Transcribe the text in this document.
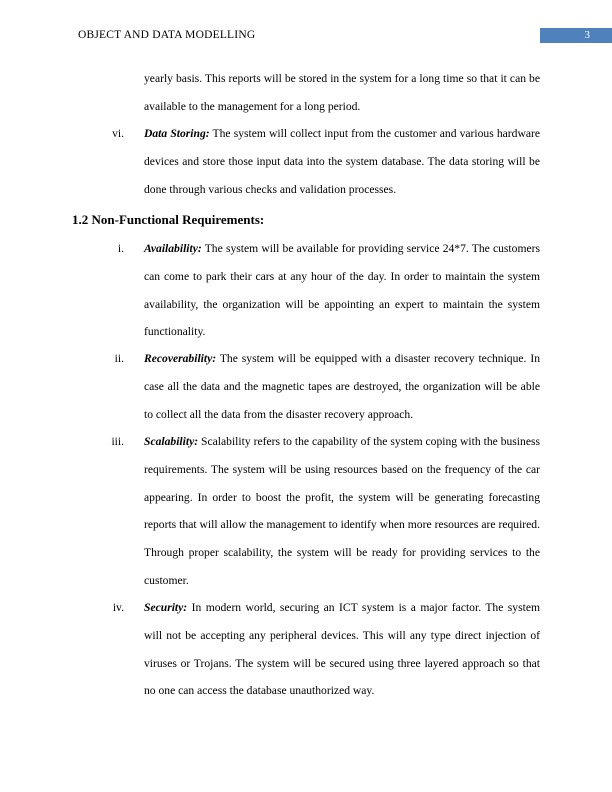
OBJECT AND DATA MODELLING	3
yearly basis. This reports will be stored in the system for a long time so that it can be available to the management for a long period.
vi. Data Storing: The system will collect input from the customer and various hardware devices and store those input data into the system database. The data storing will be done through various checks and validation processes.
1.2 Non-Functional Requirements:
i. Availability: The system will be available for providing service 24*7. The customers can come to park their cars at any hour of the day. In order to maintain the system availability, the organization will be appointing an expert to maintain the system functionality.
ii. Recoverability: The system will be equipped with a disaster recovery technique. In case all the data and the magnetic tapes are destroyed, the organization will be able to collect all the data from the disaster recovery approach.
iii. Scalability: Scalability refers to the capability of the system coping with the business requirements. The system will be using resources based on the frequency of the car appearing. In order to boost the profit, the system will be generating forecasting reports that will allow the management to identify when more resources are required. Through proper scalability, the system will be ready for providing services to the customer.
iv. Security: In modern world, securing an ICT system is a major factor. The system will not be accepting any peripheral devices. This will any type direct injection of viruses or Trojans. The system will be secured using three layered approach so that no one can access the database unauthorized way.
